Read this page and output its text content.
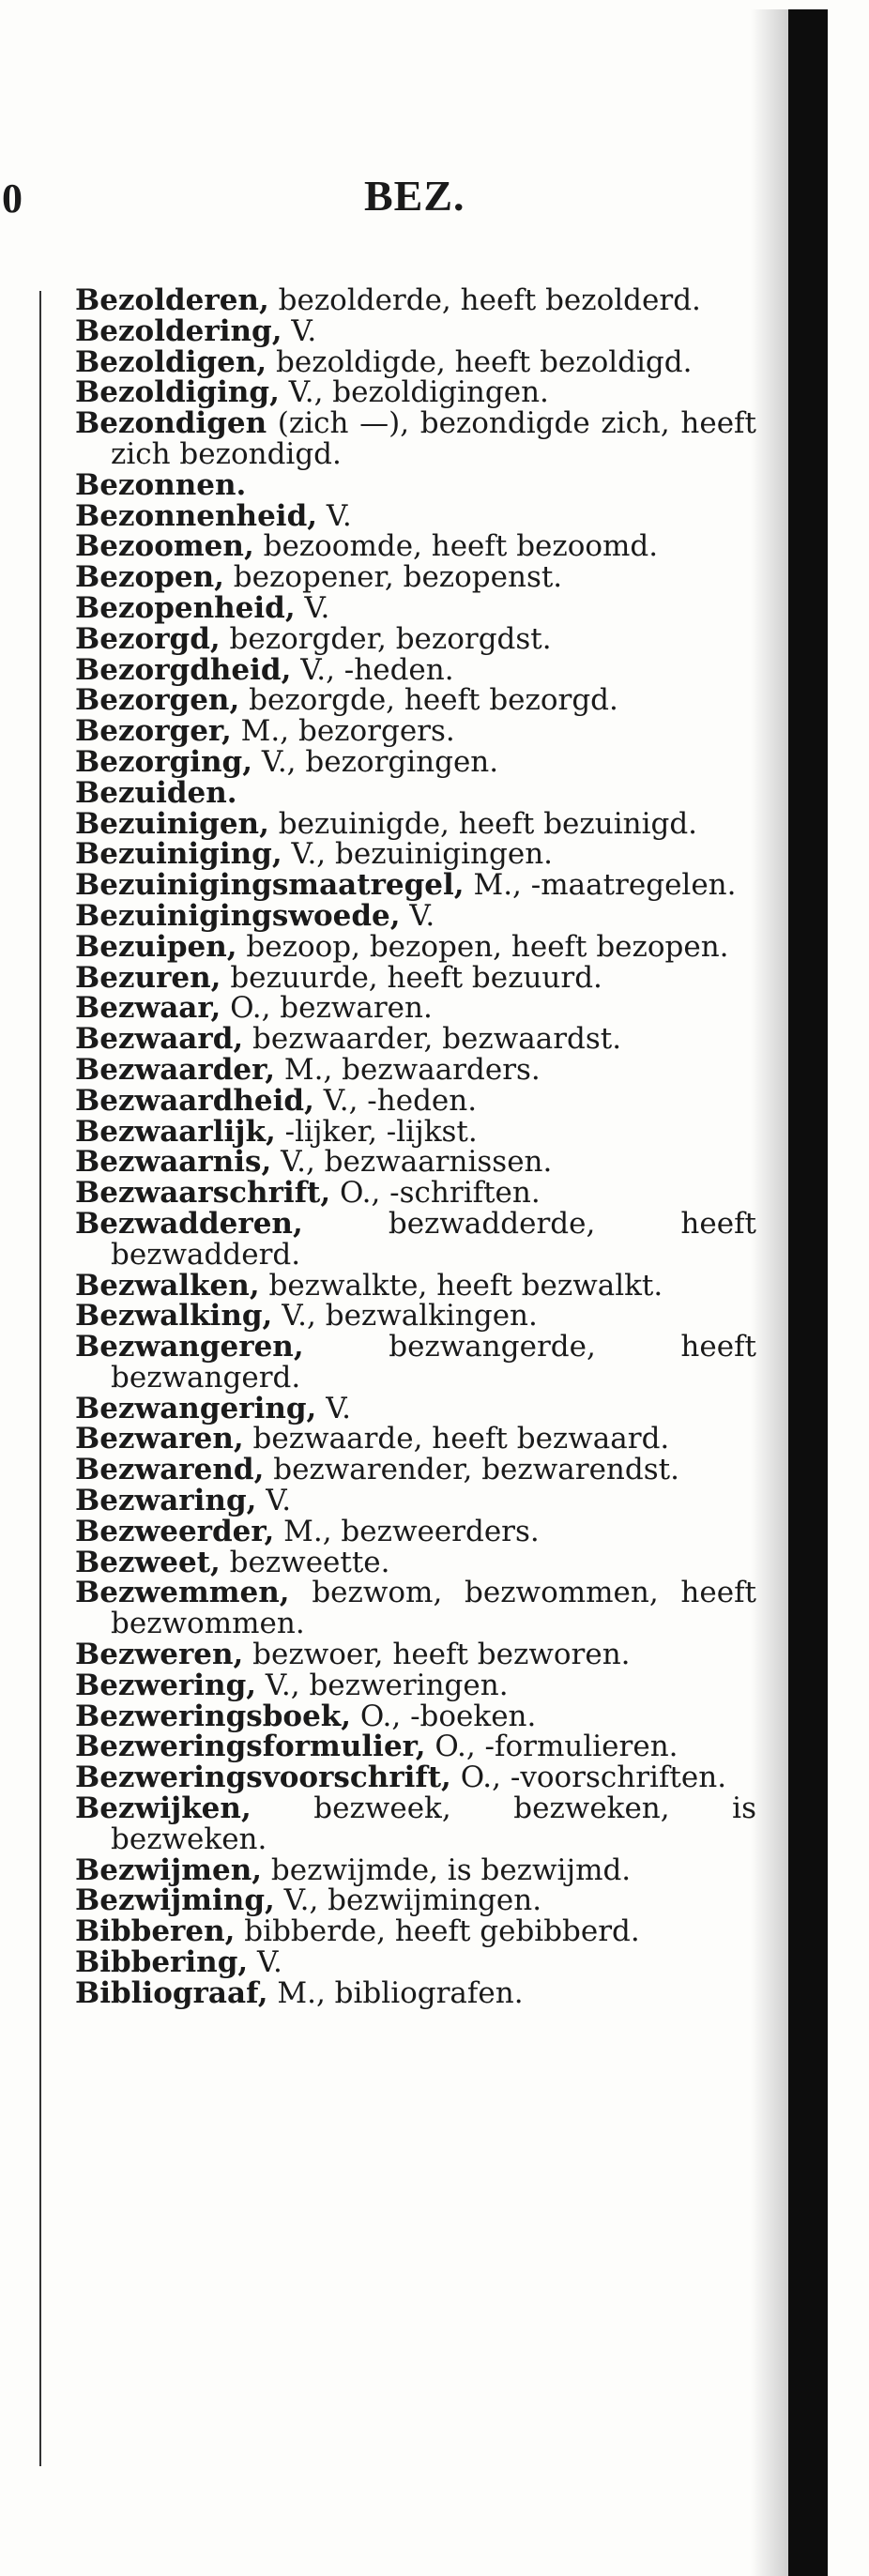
0	BEZ.

Bezolderen, bezolderde, heeft bezolderd.

Bezoldering, V.

Bezoldigen, bezoldigde, heeft bezoldigd.

Bezoldiging, V., bezoldigingen.

Bezondigen (zich —), bezondigde zich, heeft zich bezondigd.

Bezonnen.

Bezonnenheid, V.

Bezoomen, bezoomde, heeft bezoomd.

Bezopen, bezopener, bezopenst.

Bezopenheid, V.

Bezorgd, bezorgder, bezorgdst.

Bezorgdheid, V., -heden.

Bezorgen, bezorgde, heeft bezorgd.

Bezorger, M., bezorgers.

Bezorging, V., bezorgingen.

Bezuiden.

Bezuinigen, bezuinigde, heeft bezuinigd.

Bezuiniging, V., bezuinigingen.

Bezuinigingsmaatregel, M., -maatregelen.

Bezuinigingswoede, V.

Bezuipen, bezoop, bezopen, heeft bezopen.

Bezuren, bezuurde, heeft bezuurd.

Bezwaar, O., bezwaren.

Bezwaard, bezwaarder, bezwaardst.

Bezwaarder, M., bezwaarders.

Bezwaardheid, V., -heden.

Bezwaarlijk, -lijker, -lijkst.

Bezwaarnis, V., bezwaarnissen.

Bezwaarschrift, O., -schriften.

Bezwadderen, bezwadderde, heeft bezwadderd.

Bezwalken, bezwalkte, heeft bezwalkt.

Bezwalking, V., bezwalkingen.

Bezwangeren, bezwangerde, heeft bezwangerd.

Bezwangering, V.

Bezwaren, bezwaarde, heeft bezwaard.

Bezwarend, bezwarender, bezwarendst.

Bezwaring, V.

Bezweerder, M., bezweerders.

Bezweet, bezweette.

Bezwemmen, bezwom, bezwommen, heeft bezwommen.

Bezweren, bezwoer, heeft bezworen.

Bezwering, V., bezweringen.

Bezweringsboek, O., -boeken.

Bezweringsformulier, O., -formulieren.

Bezweringsvoorschrift, O., -voorschriften.

Bezwijken, bezweek, bezweken, is bezweken.

Bezwijmen, bezwijmde, is bezwijmd.

Bezwijming, V., bezwijmingen.

Bibberen, bibberde, heeft gebibberd.

Bibbering, V.

Bibliograaf, M., bibliografen.
